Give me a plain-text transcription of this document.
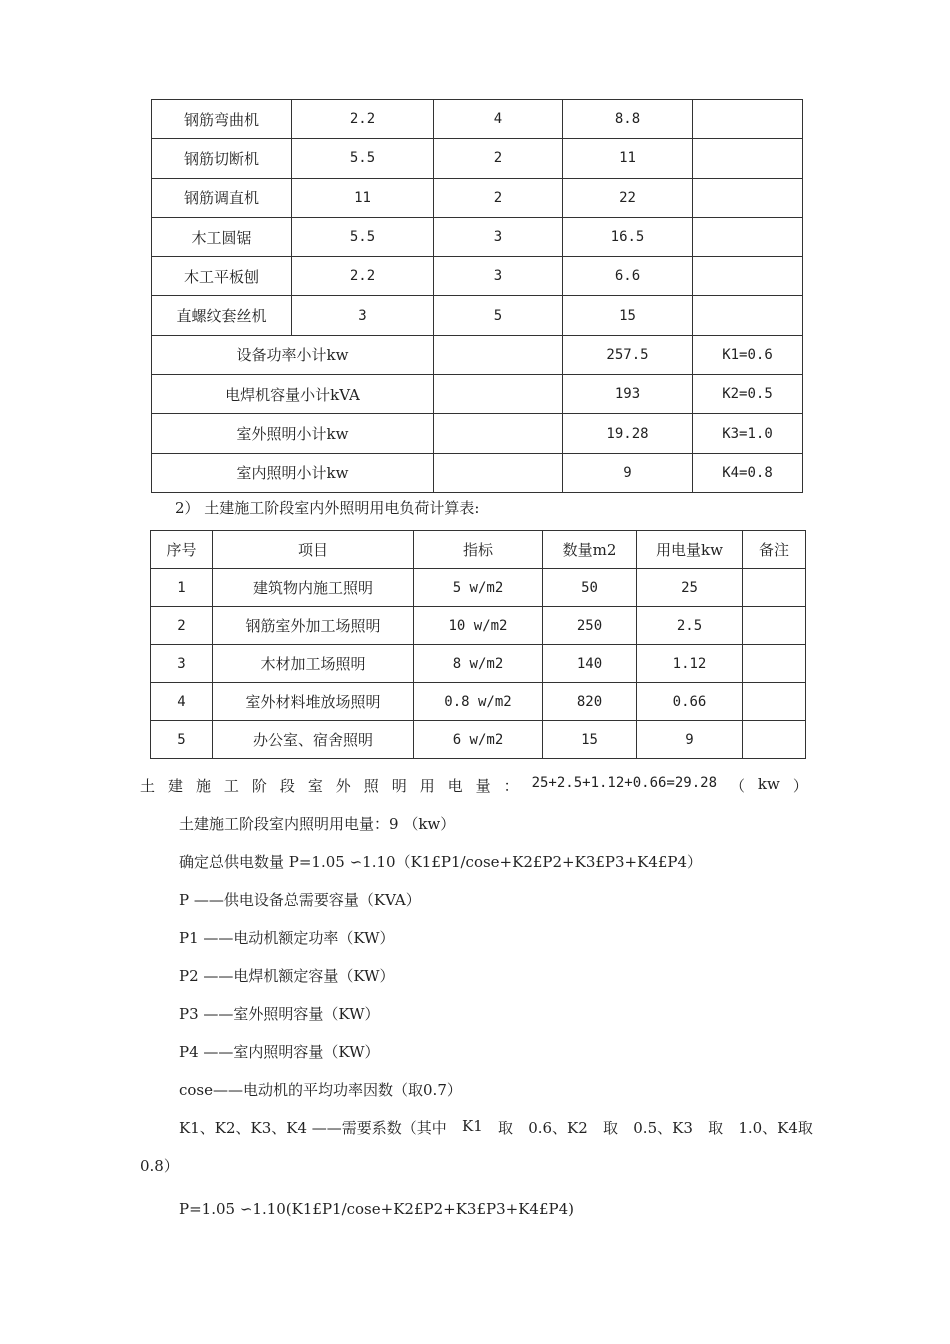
钢筋弯曲机	2.2	4	8.8	
钢筋切断机	5.5	2	11	
钢筋调直机	11	2	22	
木工圆锯	5.5	3	16.5	
木工平板刨	2.2	3	6.6	
直螺纹套丝机	3	5	15	
设备功率小计kw			257.5	K1=0.6
电焊机容量小计kVA			193	K2=0.5
室外照明小计kw			19.28	K3=1.0
室内照明小计kw			9	K4=0.8
2） 土建施工阶段室内外照明用电负荷计算表:
序号	项目	指标	数量m2	用电量kw	备注
1	建筑物内施工照明	5 w/m2	50	25	
2	钢筋室外加工场照明	10 w/m2	250	2.5	
3	木材加工场照明	8 w/m2	140	1.12	
4	室外材料堆放场照明	0.8 w/m2	820	0.66	
5	办公室、宿舍照明	6 w/m2	15	9	
土 建 施 工 阶 段 室 外 照 明 用 电 量 ： 25+2.5+1.12+0.66=29.28 （ kw ）
土建施工阶段室内照明用电量：9 （kw）
确定总供电数量 P=1.05 ∽1.10（K1£P1/cose+K2£P2+K3£P3+K4£P4）
P ——供电设备总需要容量（KVA）
P1 ——电动机额定功率（KW）
P2 ——电焊机额定容量（KW）
P3 ——室外照明容量（KW）
P4 ——室内照明容量（KW）
cose——电动机的平均功率因数（取0.7）
K1、K2、K3、K4 ——需要系数（其中 K1 取 0.6、K2 取 0.5、K3 取 1.0、K4取
0.8）
P=1.05 ∽1.10(K1£P1/cose+K2£P2+K3£P3+K4£P4)
